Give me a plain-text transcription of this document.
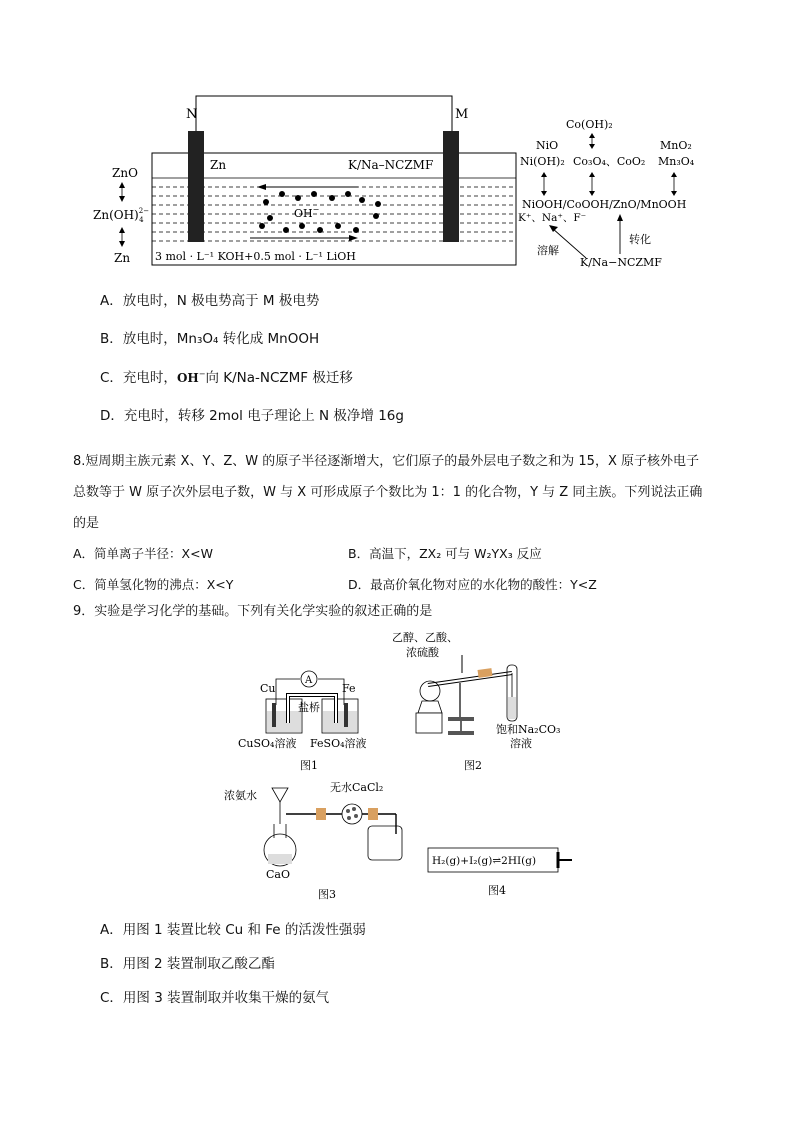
N	M
Zn	K/Na–NCZMF
OH−
3 mol · L⁻¹ KOH+0.5 mol · L⁻¹ LiOH
ZnO
Zn(OH)$^{2-}$ 4
Zn
Co(OH)₂
NiO	MnO₂
Ni(OH)₂ Co₃O₄、CoO₂ Mn₃O₄
NiOOH/CoOOH/ZnO/MnOOH
K⁺、Na⁺、F⁻
溶解
转化
K/Na−NCZMF
A．放电时，N 极电势高于 M 极电势
B．放电时，Mn₃O₄ 转化成 MnOOH
C．充电时，OH−向 K/Na-NCZMF 极迁移
D．充电时，转移 2mol 电子理论上 N 极净增 16g
8.短周期主族元素 X、Y、Z、W 的原子半径逐渐增大，它们原子的最外层电子数之和为 15，X 原子核外电子
总数等于 W 原子次外层电子数，W 与 X 可形成原子个数比为 1：1 的化合物，Y 与 Z 同主族。下列说法正确
的是
A．简单离子半径：X<W	B．高温下，ZX₂ 可与 W₂YX₃ 反应
C．简单氢化物的沸点：X<Y	D．最高价氧化物对应的水化物的酸性：Y<Z
9．实验是学习化学的基础。下列有关化学实验的叙述正确的是
Cu	Fe
A
盐桥
CuSO₄溶液 FeSO₄溶液
图1
乙醇、乙酸、
浓硫酸
饱和Na₂CO₃
溶液
图2
浓氨水
无水CaCl₂
CaO
图3
H₂(g)+I₂(g)⇌2HI(g)
图4
A．用图 1 装置比较 Cu 和 Fe 的活泼性强弱
B．用图 2 装置制取乙酸乙酯
C．用图 3 装置制取并收集干燥的氨气
